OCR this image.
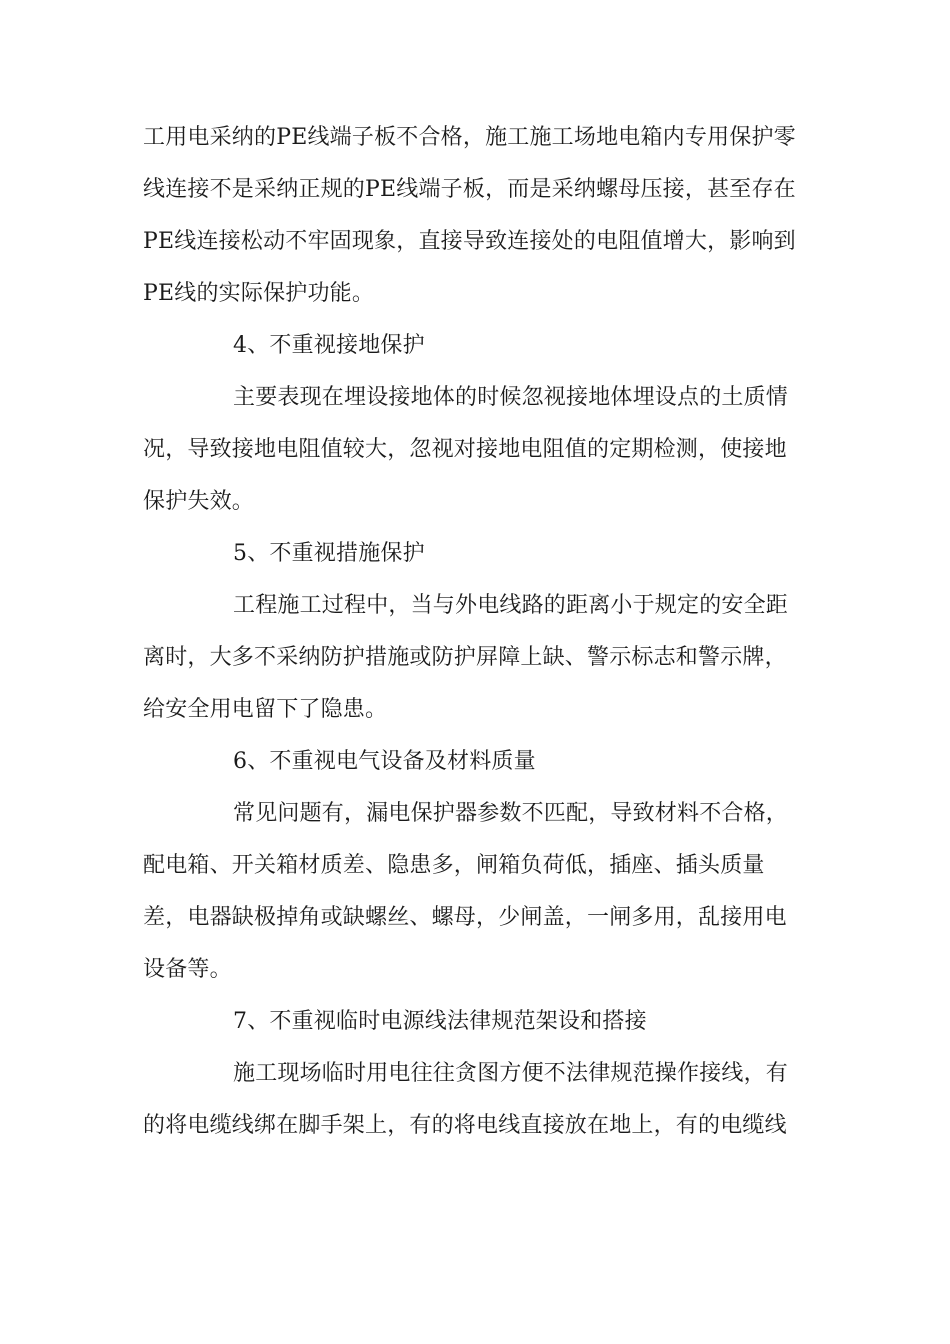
工用电采纳的PE线端子板不合格，施工施工场地电箱内专用保护零
线连接不是采纳正规的PE线端子板，而是采纳螺母压接，甚至存在
PE线连接松动不牢固现象，直接导致连接处的电阻值增大，影响到
PE线的实际保护功能。
4、不重视接地保护
主要表现在埋设接地体的时候忽视接地体埋设点的土质情
况，导致接地电阻值较大，忽视对接地电阻值的定期检测，使接地
保护失效。
5、不重视措施保护
工程施工过程中，当与外电线路的距离小于规定的安全距
离时，大多不采纳防护措施或防护屏障上缺、警示标志和警示牌，
给安全用电留下了隐患。
6、不重视电气设备及材料质量
常见问题有，漏电保护器参数不匹配，导致材料不合格，
配电箱、开关箱材质差、隐患多，闸箱负荷低，插座、插头质量
差，电器缺极掉角或缺螺丝、螺母，少闸盖，一闸多用，乱接用电
设备等。
7、不重视临时电源线法律规范架设和搭接
施工现场临时用电往往贪图方便不法律规范操作接线，有
的将电缆线绑在脚手架上，有的将电线直接放在地上，有的电缆线
